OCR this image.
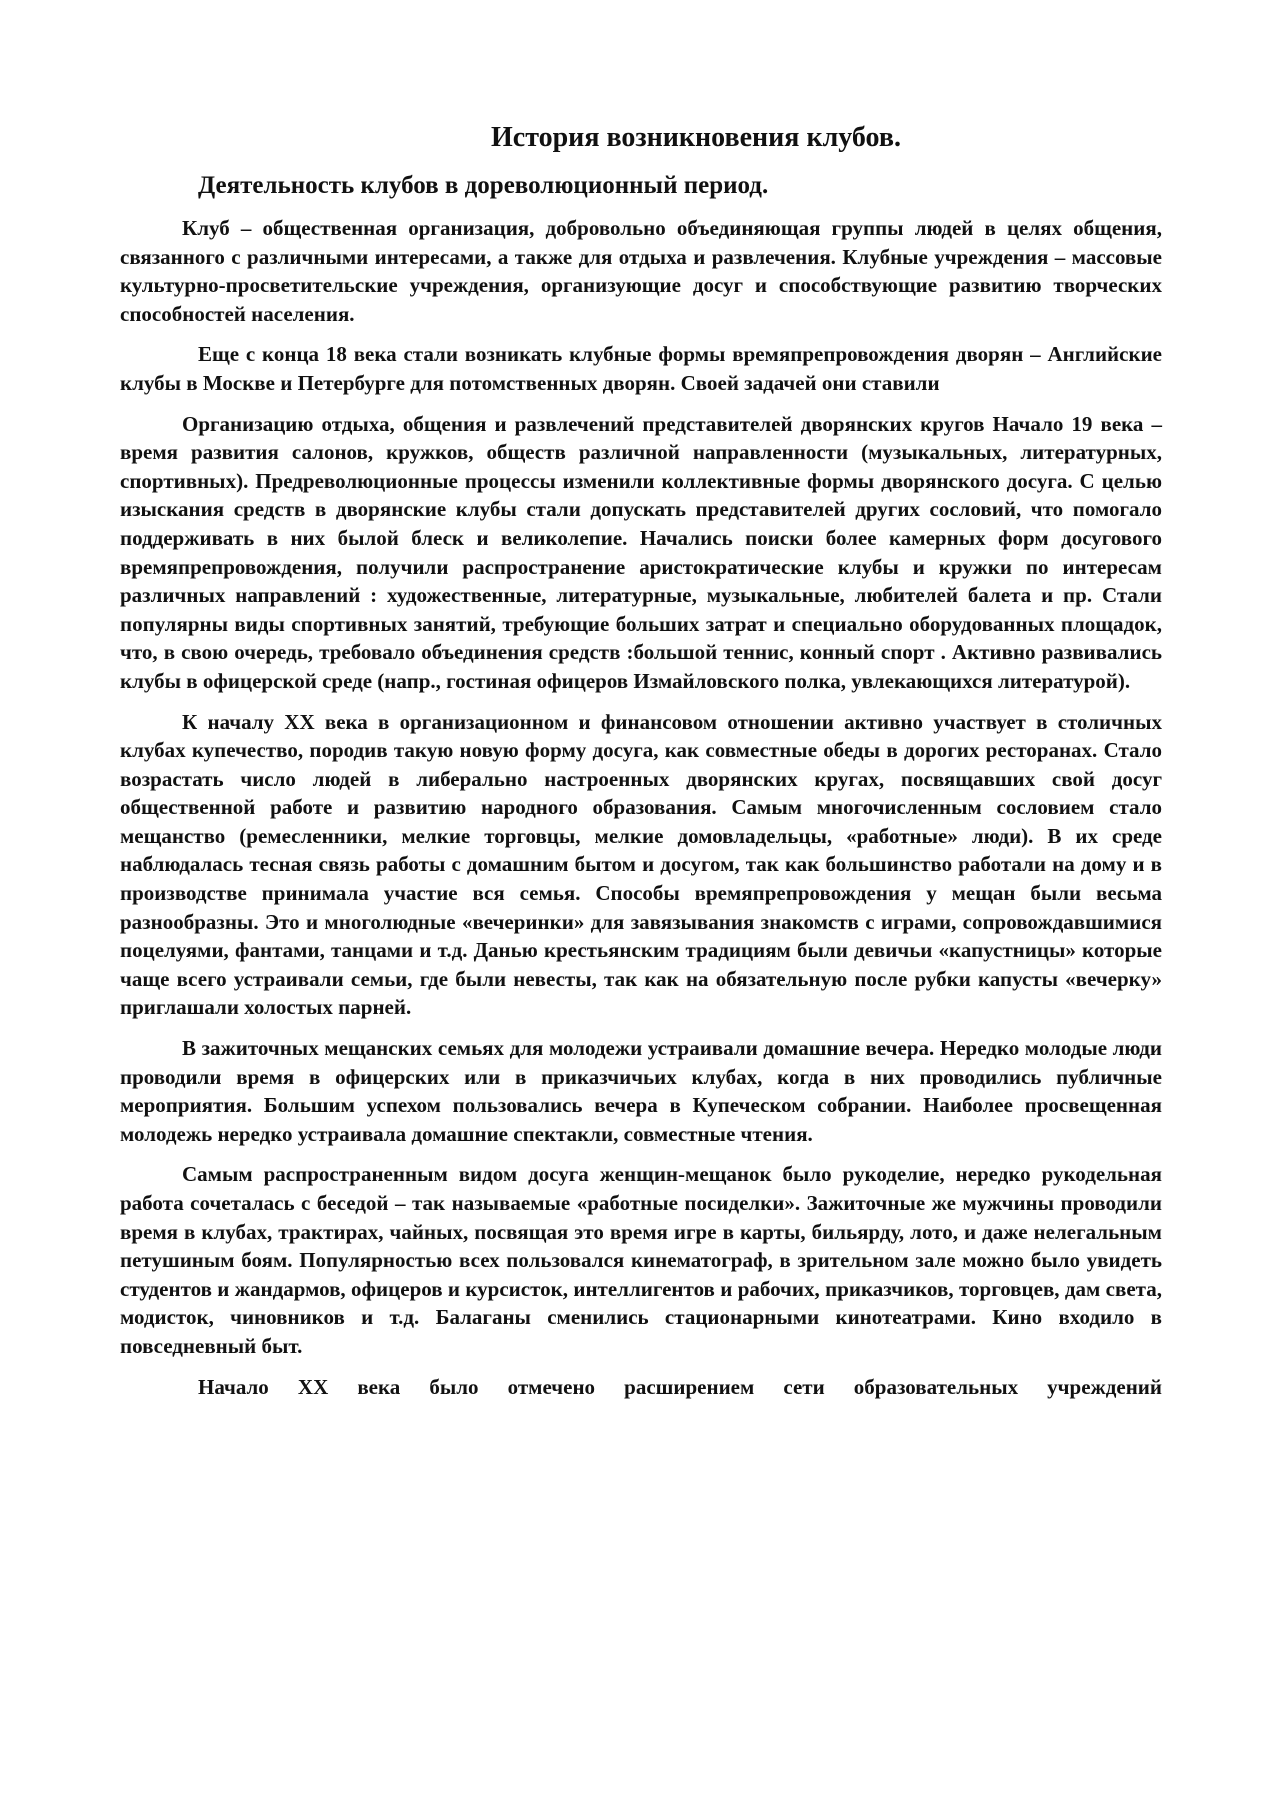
История возникновения клубов.
Деятельность клубов в дореволюционный период.

Клуб – общественная организация, добровольно объединяющая группы людей в целях общения, связанного с различными интересами, а также для отдыха и развлечения. Клубные учреждения – массовые культурно-просветительские учреждения, организующие досуг и способствующие развитию творческих способностей населения.

Еще с конца 18 века стали возникать клубные формы времяпрепровождения дворян – Английские клубы в Москве и Петербурге для потомственных дворян. Своей задачей они ставили

Организацию отдыха, общения и развлечений представителей дворянских кругов Начало 19 века – время развития салонов, кружков, обществ различной направленности (музыкальных, литературных, спортивных). Предреволюционные процессы изменили коллективные формы дворянского досуга. С целью изыскания средств в дворянские клубы стали допускать представителей других сословий, что помогало поддерживать в них былой блеск и великолепие. Начались поиски более камерных форм досугового времяпрепровождения, получили распространение аристократические клубы и кружки по интересам различных направлений : художественные, литературные, музыкальные, любителей балета и пр. Стали популярны виды спортивных занятий, требующие больших затрат и специально оборудованных площадок, что, в свою очередь, требовало объединения средств :большой теннис, конный спорт . Активно развивались клубы в офицерской среде (напр., гостиная офицеров Измайловского полка, увлекающихся литературой).

К началу XX века в организационном и финансовом отношении активно участвует в столичных клубах купечество, породив такую новую форму досуга, как совместные обеды в дорогих ресторанах. Стало возрастать число людей в либерально настроенных дворянских кругах, посвящавших свой досуг общественной работе и развитию народного образования. Самым многочисленным сословием стало мещанство (ремесленники, мелкие торговцы, мелкие домовладельцы, «работные» люди). В их среде наблюдалась тесная связь работы с домашним бытом и досугом, так как большинство работали на дому и в производстве принимала участие вся семья. Способы времяпрепровождения у мещан были весьма разнообразны. Это и многолюдные «вечеринки» для завязывания знакомств с играми, сопровождавшимися поцелуями, фантами, танцами и т.д. Данью крестьянским традициям были девичьи «капустницы» которые чаще всего устраивали семьи, где были невесты, так как на обязательную после рубки капусты «вечерку» приглашали холостых парней.

В зажиточных мещанских семьях для молодежи устраивали домашние вечера. Нередко молодые люди проводили время в офицерских или в приказчичьих клубах, когда в них проводились публичные мероприятия. Большим успехом пользовались вечера в Купеческом собрании. Наиболее просвещенная молодежь нередко устраивала домашние спектакли, совместные чтения.

Самым распространенным видом досуга женщин-мещанок было рукоделие, нередко рукодельная работа сочеталась с беседой – так называемые «работные посиделки». Зажиточные же мужчины проводили время в клубах, трактирах, чайных, посвящая это время игре в карты, бильярду, лото, и даже нелегальным петушиным боям. Популярностью всех пользовался кинематограф, в зрительном зале можно было увидеть студентов и жандармов, офицеров и курсисток, интеллигентов и рабочих, приказчиков, торговцев, дам света, модисток, чиновников и т.д. Балаганы сменились стационарными кинотеатрами. Кино входило в повседневный быт.

Начало XX века было отмечено расширением сети образовательных учреждений
